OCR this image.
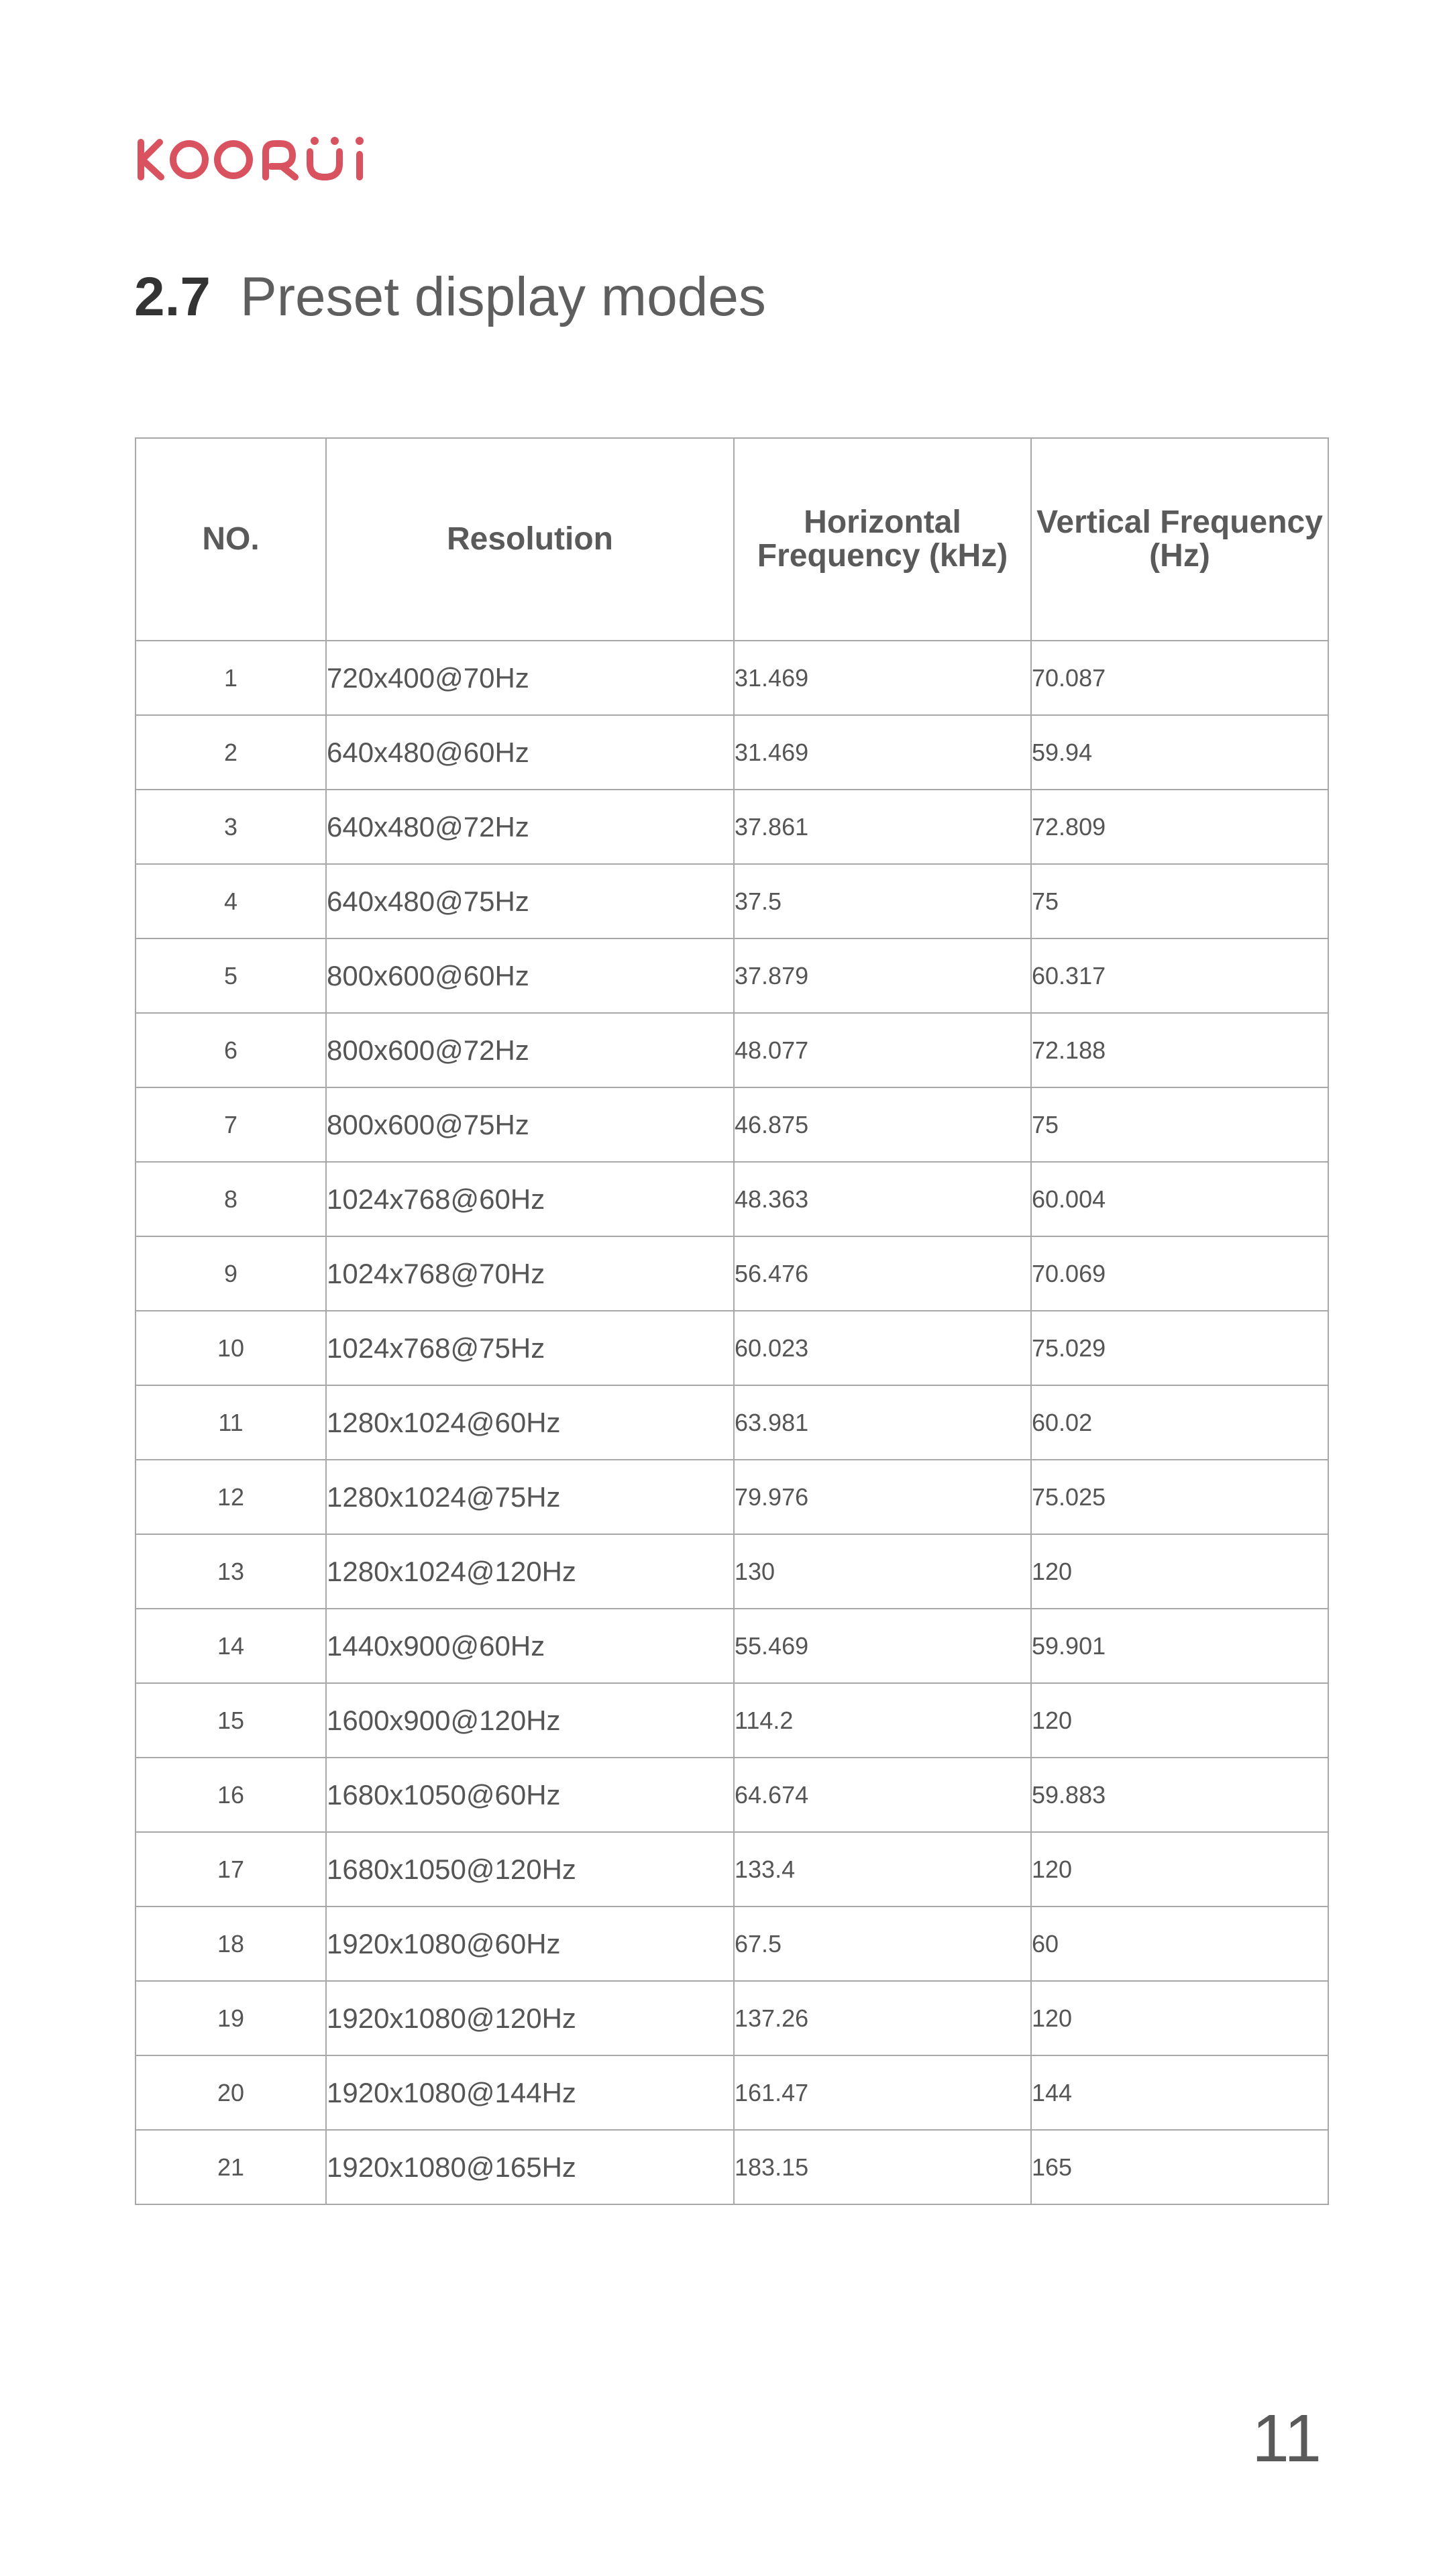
2.7 Preset display modes
NO.	Resolution	Horizontal Frequency (kHz)	Vertical Frequency (Hz)
1	720x400@70Hz	31.469	70.087
2	640x480@60Hz	31.469	59.94
3	640x480@72Hz	37.861	72.809
4	640x480@75Hz	37.5	75
5	800x600@60Hz	37.879	60.317
6	800x600@72Hz	48.077	72.188
7	800x600@75Hz	46.875	75
8	1024x768@60Hz	48.363	60.004
9	1024x768@70Hz	56.476	70.069
10	1024x768@75Hz	60.023	75.029
11	1280x1024@60Hz	63.981	60.02
12	1280x1024@75Hz	79.976	75.025
13	1280x1024@120Hz	130	120
14	1440x900@60Hz	55.469	59.901
15	1600x900@120Hz	114.2	120
16	1680x1050@60Hz	64.674	59.883
17	1680x1050@120Hz	133.4	120
18	1920x1080@60Hz	67.5	60
19	1920x1080@120Hz	137.26	120
20	1920x1080@144Hz	161.47	144
21	1920x1080@165Hz	183.15	165
11
